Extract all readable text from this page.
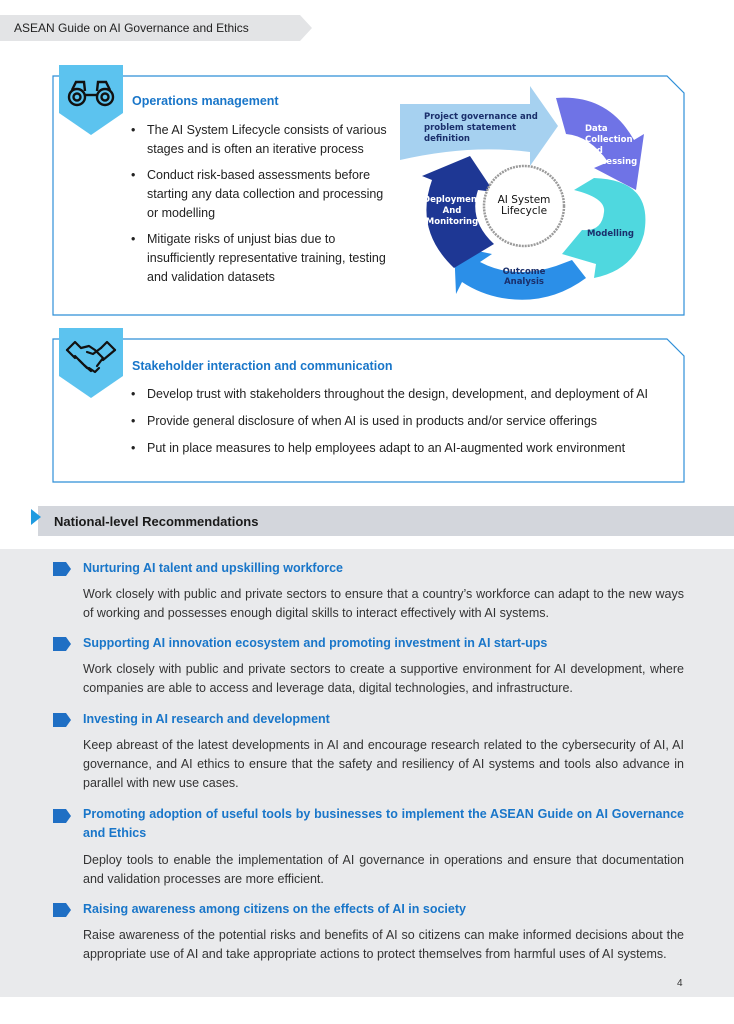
ASEAN Guide on AI Governance and Ethics
Operations management
• The AI System Lifecycle consists of various stages and is often an iterative process
• Conduct risk-based assessments before starting any data collection and processing or modelling
• Mitigate risks of unjust bias due to insufficiently representative training, testing and validation datasets
AI System Lifecycle
Project governance and problem statement definition
Data Collection and Processing
Modelling
Outcome Analysis
Deployment And Monitoring
Stakeholder interaction and communication
• Develop trust with stakeholders throughout the design, development, and deployment of AI
• Provide general disclosure of when AI is used in products and/or service offerings
• Put in place measures to help employees adapt to an AI-augmented work environment
National-level Recommendations
Nurturing AI talent and upskilling workforce
Work closely with public and private sectors to ensure that a country’s workforce can adapt to the new ways of working and possesses enough digital skills to interact effectively with AI systems.
Supporting AI innovation ecosystem and promoting investment in AI start-ups
Work closely with public and private sectors to create a supportive environment for AI development, where companies are able to access and leverage data, digital technologies, and infrastructure.
Investing in AI research and development
Keep abreast of the latest developments in AI and encourage research related to the cybersecurity of AI, AI governance, and AI ethics to ensure that the safety and resiliency of AI systems and tools also advance in parallel with new use cases.
Promoting adoption of useful tools by businesses to implement the ASEAN Guide on AI Governance and Ethics
Deploy tools to enable the implementation of AI governance in operations and ensure that documentation and validation processes are more efficient.
Raising awareness among citizens on the effects of AI in society
Raise awareness of the potential risks and benefits of AI so citizens can make informed decisions about the appropriate use of AI and take appropriate actions to protect themselves from harmful uses of AI systems.
4
